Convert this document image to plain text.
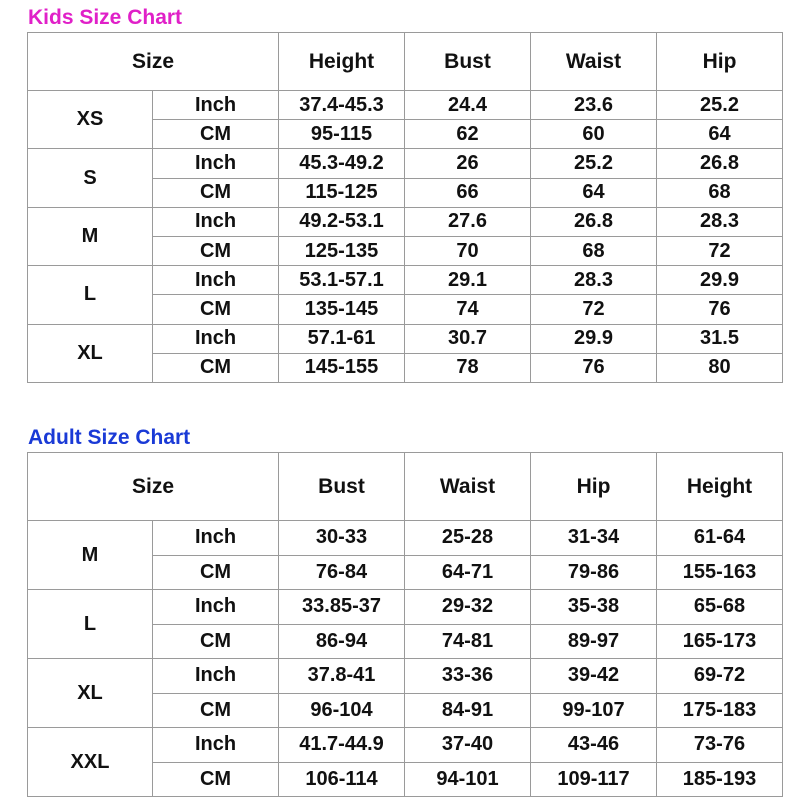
Kids Size Chart
Size		Height	Bust	Waist	Hip
XS	Inch	37.4-45.3	24.4	23.6	25.2
	CM	95-115	62	60	64
S	Inch	45.3-49.2	26	25.2	26.8
	CM	115-125	66	64	68
M	Inch	49.2-53.1	27.6	26.8	28.3
	CM	125-135	70	68	72
L	Inch	53.1-57.1	29.1	28.3	29.9
	CM	135-145	74	72	76
XL	Inch	57.1-61	30.7	29.9	31.5
	CM	145-155	78	76	80
Adult Size Chart
Size		Bust	Waist	Hip	Height
M	Inch	30-33	25-28	31-34	61-64
	CM	76-84	64-71	79-86	155-163
L	Inch	33.85-37	29-32	35-38	65-68
	CM	86-94	74-81	89-97	165-173
XL	Inch	37.8-41	33-36	39-42	69-72
	CM	96-104	84-91	99-107	175-183
XXL	Inch	41.7-44.9	37-40	43-46	73-76
	CM	106-114	94-101	109-117	185-193
